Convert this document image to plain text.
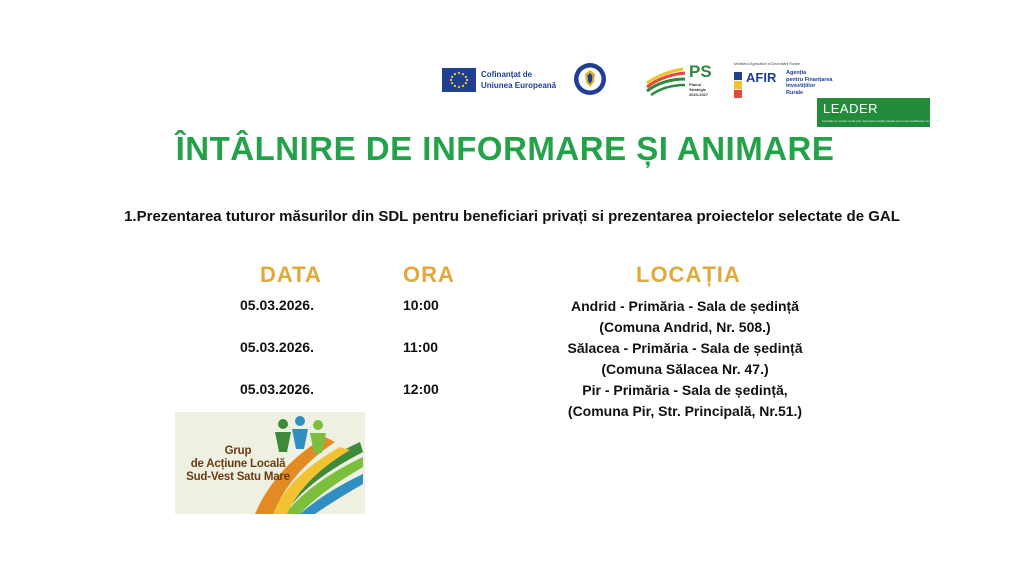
Cofinanțat de
Uniunea Europeană
PS
Planul Strategic
2023-2027
Ministerul Agriculturii și Dezvoltării Rurale
AFIR Agenția
pentru Finanțarea
Investițiilor
Rurale
LEADER
Investiție în zonele rurale prin dezvoltare locală plasată sub responsabilitatea comunității
ÎNTÂLNIRE DE INFORMARE ȘI ANIMARE
1.Prezentarea tuturor măsurilor din SDL pentru beneficiari privați si prezentarea proiectelor selectate de GAL
DATA	ORA	LOCAȚIA
05.03.2026.	10:00	Andrid - Primăria - Sala de ședință
(Comuna Andrid, Nr. 508.)
05.03.2026.	11:00	Sălacea - Primăria - Sala de ședință
(Comuna Sălacea Nr. 47.)
05.03.2026.	12:00	Pir - Primăria - Sala de ședință,
(Comuna Pir, Str. Principală, Nr.51.)
Grup
de Acțiune Locală
Sud-Vest Satu Mare
